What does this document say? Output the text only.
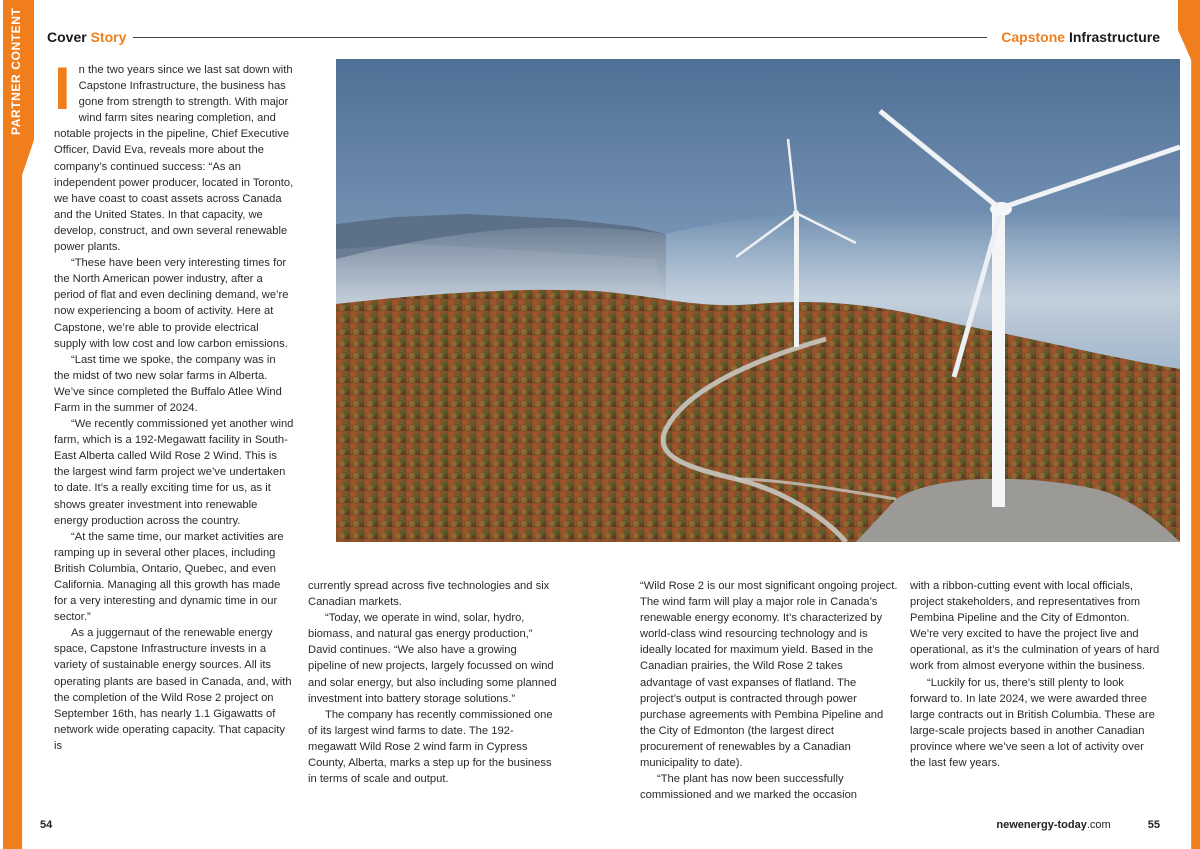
PARTNER CONTENT Cover Story	Capstone Infrastructure
I n the two years since we last sat down with Capstone Infrastructure, the business has gone from strength to strength. With major wind farm sites nearing completion, and notable projects in the pipeline, Chief Executive Officer, David Eva, reveals more about the company’s continued success: “As an independent power producer, located in Toronto, we have coast to coast assets across Canada and the United States. In that capacity, we develop, construct, and own several renewable power plants.

“These have been very interesting times for the North American power industry, after a period of flat and even declining demand, we’re now experiencing a boom of activity. Here at Capstone, we’re able to provide electrical supply with low cost and low carbon emissions.

“Last time we spoke, the company was in the midst of two new solar farms in Alberta. We’ve since completed the Buffalo Atlee Wind Farm in the summer of 2024.

“We recently commissioned yet another wind farm, which is a 192-Megawatt facility in South-East Alberta called Wild Rose 2 Wind. This is the largest wind farm project we’ve undertaken to date. It’s a really exciting time for us, as it shows greater investment into renewable energy production across the country.

“At the same time, our market activities are ramping up in several other places, including British Columbia, Ontario, Quebec, and even California. Managing all this growth has made for a very interesting and dynamic time in our sector.”

As a juggernaut of the renewable energy space, Capstone Infrastructure invests in a variety of sustainable energy sources. All its operating plants are based in Canada, and, with the completion of the Wild Rose 2 project on September 16th, has nearly 1.1 Gigawatts of network wide operating capacity. That capacity is

currently spread across five technologies and six Canadian markets.

“Today, we operate in wind, solar, hydro, biomass, and natural gas energy production,” David continues. “We also have a growing pipeline of new projects, largely focussed on wind and solar energy, but also including some planned investment into battery storage solutions.”

The company has recently commissioned one of its largest wind farms to date. The 192-megawatt Wild Rose 2 wind farm in Cypress County, Alberta, marks a step up for the business in terms of scale and output.

“Wild Rose 2 is our most significant ongoing project. The wind farm will play a major role in Canada’s renewable energy economy. It’s characterized by world-class wind resourcing technology and is ideally located for maximum yield. Based in the Canadian prairies, the Wild Rose 2 takes advantage of vast expanses of flatland. The project’s output is contracted through power purchase agreements with Pembina Pipeline and the City of Edmonton (the largest direct procurement of renewables by a Canadian municipality to date).

“The plant has now been successfully commissioned and we marked the occasion

with a ribbon-cutting event with local officials, project stakeholders, and representatives from Pembina Pipeline and the City of Edmonton. We’re very excited to have the project live and operational, as it’s the culmination of years of hard work from almost everyone within the business.

“Luckily for us, there’s still plenty to look forward to. In late 2024, we were awarded three large contracts out in British Columbia. These are large-scale projects based in another Canadian province where we’ve seen a lot of activity over the last few years.

54	newenergy-today.com	55
